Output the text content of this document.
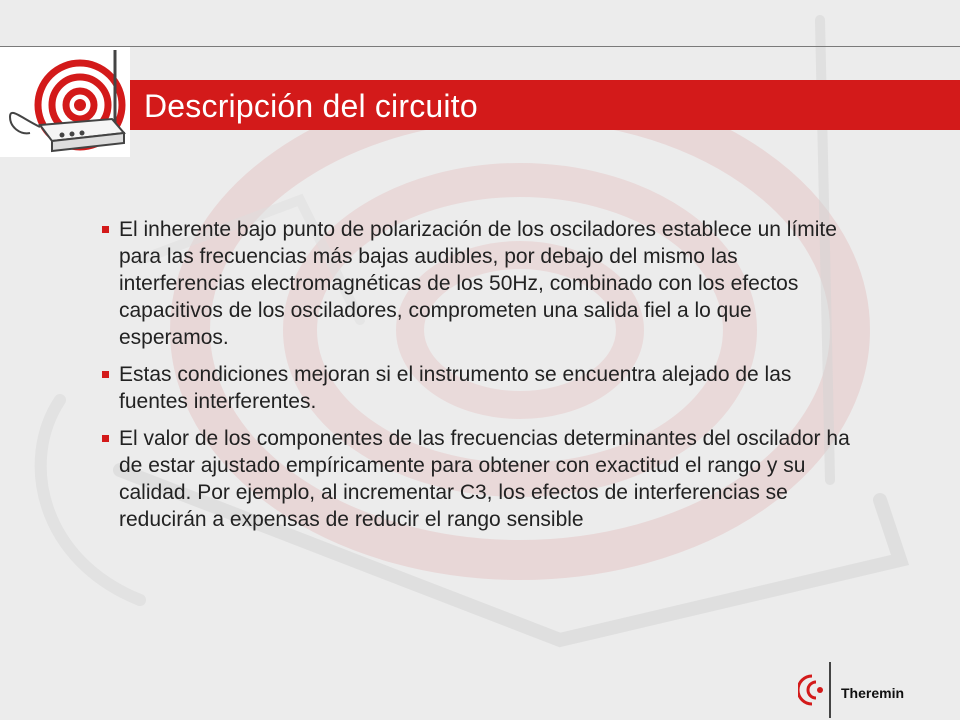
Descripción del circuito
El inherente bajo punto de polarización de los osciladores establece un límite para las frecuencias más bajas audibles, por debajo del mismo las interferencias electromagnéticas de los 50Hz, combinado con los efectos capacitivos de los osciladores, comprometen una salida fiel a lo que esperamos.
Estas condiciones mejoran si el instrumento se encuentra alejado de las fuentes interferentes.
El valor de los componentes de las frecuencias determinantes del oscilador ha de estar ajustado empíricamente para obtener con exactitud el rango y su calidad. Por ejemplo, al incrementar C3, los efectos de interferencias se reducirán a expensas de reducir el rango sensible
Theremin
